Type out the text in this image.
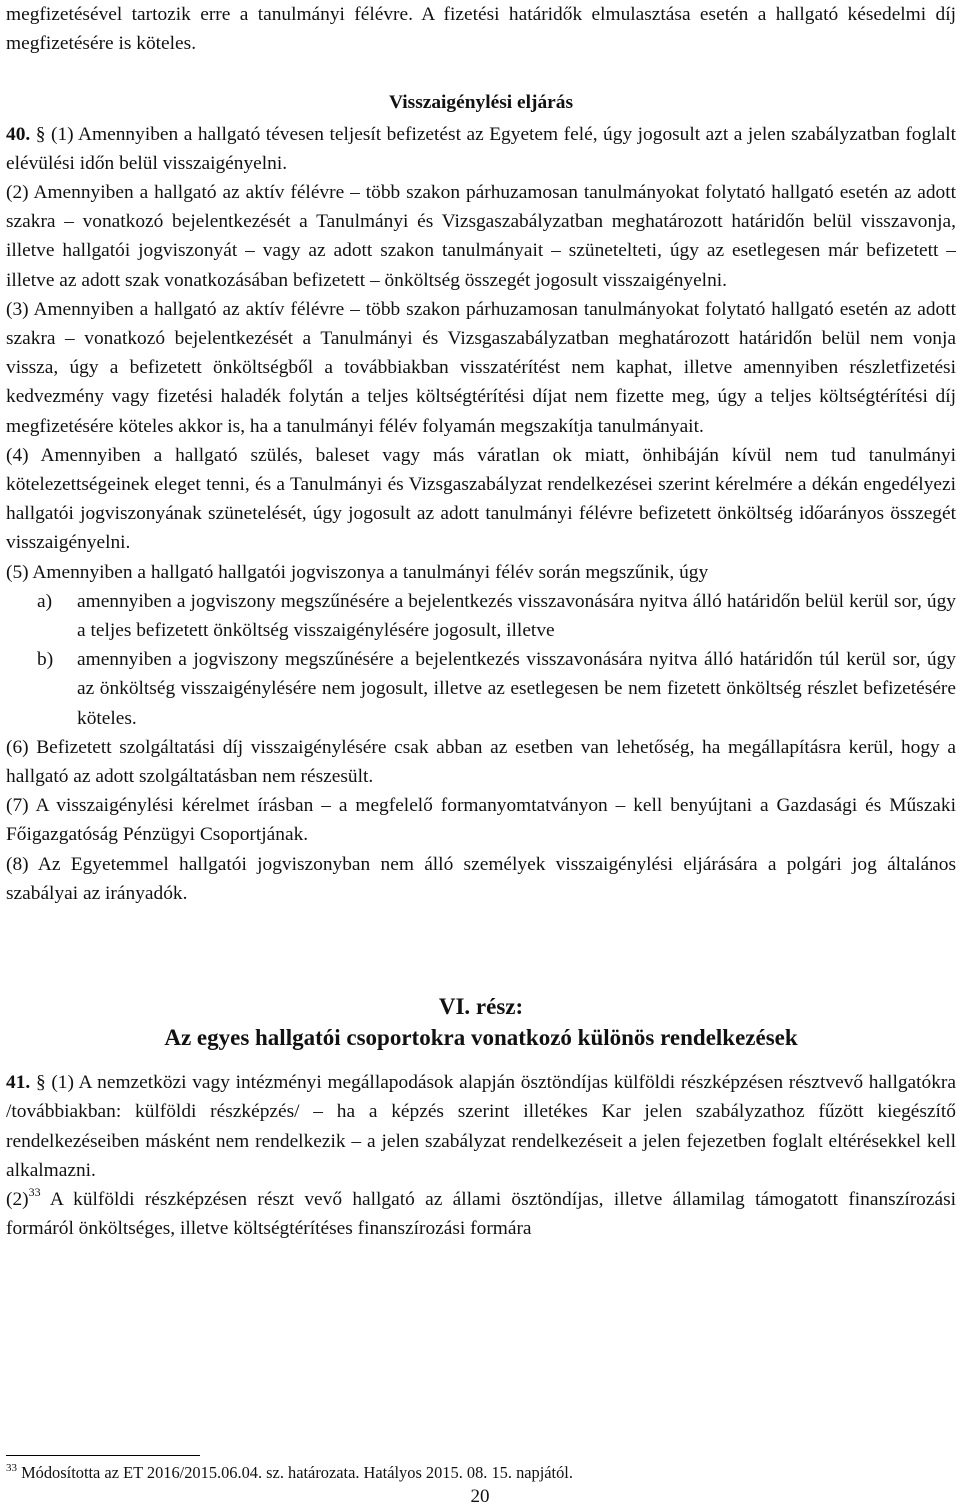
megfizetésével tartozik erre a tanulmányi félévre. A fizetési határidők elmulasztása esetén a hallgató késedelmi díj megfizetésére is köteles.

Visszaigénylési eljárás

40. § (1) Amennyiben a hallgató tévesen teljesít befizetést az Egyetem felé, úgy jogosult azt a jelen szabályzatban foglalt elévülési időn belül visszaigényelni.

(2) Amennyiben a hallgató az aktív félévre – több szakon párhuzamosan tanulmányokat folytató hallgató esetén az adott szakra – vonatkozó bejelentkezését a Tanulmányi és Vizsgaszabályzatban meghatározott határidőn belül visszavonja, illetve hallgatói jogviszonyát – vagy az adott szakon tanulmányait – szünetelteti, úgy az esetlegesen már befizetett – illetve az adott szak vonatkozásában befizetett – önköltség összegét jogosult visszaigényelni.

(3) Amennyiben a hallgató az aktív félévre – több szakon párhuzamosan tanulmányokat folytató hallgató esetén az adott szakra – vonatkozó bejelentkezését a Tanulmányi és Vizsgaszabályzatban meghatározott határidőn belül nem vonja vissza, úgy a befizetett önköltségből a továbbiakban visszatérítést nem kaphat, illetve amennyiben részletfizetési kedvezmény vagy fizetési haladék folytán a teljes költségtérítési díjat nem fizette meg, úgy a teljes költségtérítési díj megfizetésére köteles akkor is, ha a tanulmányi félév folyamán megszakítja tanulmányait.

(4) Amennyiben a hallgató szülés, baleset vagy más váratlan ok miatt, önhibáján kívül nem tud tanulmányi kötelezettségeinek eleget tenni, és a Tanulmányi és Vizsgaszabályzat rendelkezései szerint kérelmére a dékán engedélyezi hallgatói jogviszonyának szünetelését, úgy jogosult az adott tanulmányi félévre befizetett önköltség időarányos összegét visszaigényelni.

(5) Amennyiben a hallgató hallgatói jogviszonya a tanulmányi félév során megszűnik, úgy

a) amennyiben a jogviszony megszűnésére a bejelentkezés visszavonására nyitva álló határidőn belül kerül sor, úgy a teljes befizetett önköltség visszaigénylésére jogosult, illetve
b) amennyiben a jogviszony megszűnésére a bejelentkezés visszavonására nyitva álló határidőn túl kerül sor, úgy az önköltség visszaigénylésére nem jogosult, illetve az esetlegesen be nem fizetett önköltség részlet befizetésére köteles.

(6) Befizetett szolgáltatási díj visszaigénylésére csak abban az esetben van lehetőség, ha megállapításra kerül, hogy a hallgató az adott szolgáltatásban nem részesült.

(7) A visszaigénylési kérelmet írásban – a megfelelő formanyomtatványon – kell benyújtani a Gazdasági és Műszaki Főigazgatóság Pénzügyi Csoportjának.

(8) Az Egyetemmel hallgatói jogviszonyban nem álló személyek visszaigénylési eljárására a polgári jog általános szabályai az irányadók.

VI. rész:
Az egyes hallgatói csoportokra vonatkozó különös rendelkezések

41. § (1) A nemzetközi vagy intézményi megállapodások alapján ösztöndíjas külföldi részképzésen résztvevő hallgatókra /továbbiakban: külföldi részképzés/ – ha a képzés szerint illetékes Kar jelen szabályzathoz fűzött kiegészítő rendelkezéseiben másként nem rendelkezik – a jelen szabályzat rendelkezéseit a jelen fejezetben foglalt eltérésekkel kell alkalmazni.

$(2)^{33}$ A külföldi részképzésen részt vevő hallgató az állami ösztöndíjas, illetve államilag támogatott finanszírozási formáról önköltséges, illetve költségtérítéses finanszírozási formára

$^{33}$ Módosította az ET 2016/2015.06.04. sz. határozata. Hatályos 2015. 08. 15. napjától.
20
